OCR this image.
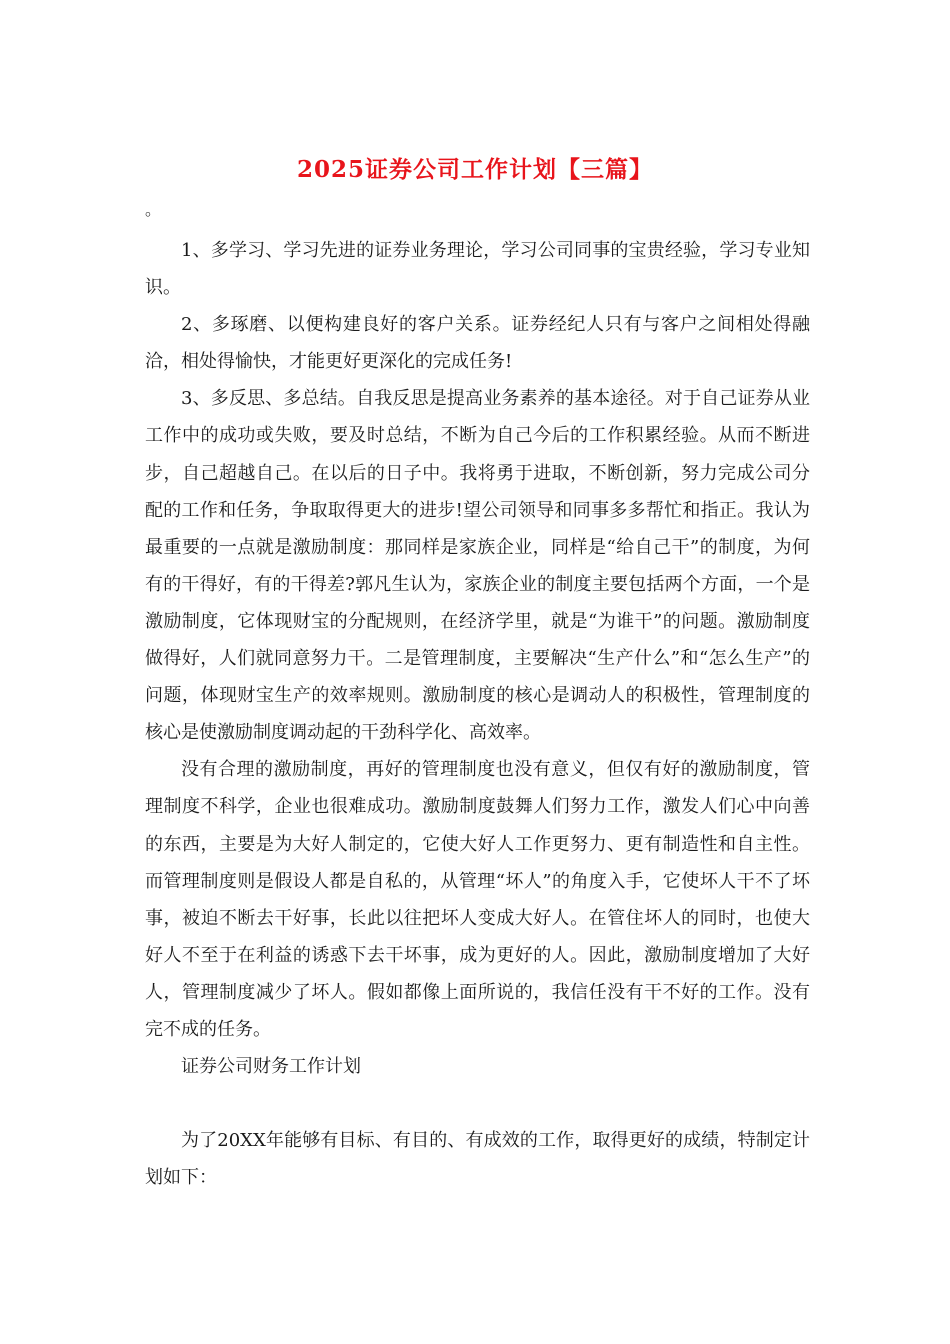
2025证券公司工作计划【三篇】
。

1、多学习、学习先进的证券业务理论，学习公司同事的宝贵经验，学习专业知识。

2、多琢磨、以便构建良好的客户关系。证券经纪人只有与客户之间相处得融洽，相处得愉快，才能更好更深化的完成任务!

3、多反思、多总结。自我反思是提高业务素养的基本途径。对于自己证券从业工作中的成功或失败，要及时总结，不断为自己今后的工作积累经验。从而不断进步，自己超越自己。在以后的日子中。我将勇于进取，不断创新，努力完成公司分配的工作和任务，争取取得更大的进步!望公司领导和同事多多帮忙和指正。我认为最重要的一点就是激励制度：那同样是家族企业，同样是“给自己干”的制度，为何有的干得好，有的干得差?郭凡生认为，家族企业的制度主要包括两个方面，一个是激励制度，它体现财宝的分配规则，在经济学里，就是“为谁干”的问题。激励制度做得好，人们就同意努力干。二是管理制度，主要解决“生产什么”和“怎么生产”的问题，体现财宝生产的效率规则。激励制度的核心是调动人的积极性，管理制度的核心是使激励制度调动起的干劲科学化、高效率。

没有合理的激励制度，再好的管理制度也没有意义，但仅有好的激励制度，管理制度不科学，企业也很难成功。激励制度鼓舞人们努力工作，激发人们心中向善的东西，主要是为大好人制定的，它使大好人工作更努力、更有制造性和自主性。而管理制度则是假设人都是自私的，从管理“坏人”的角度入手，它使坏人干不了坏事，被迫不断去干好事，长此以往把坏人变成大好人。在管住坏人的同时，也使大好人不至于在利益的诱惑下去干坏事，成为更好的人。因此，激励制度增加了大好人，管理制度减少了坏人。假如都像上面所说的，我信任没有干不好的工作。没有完不成的任务。

证券公司财务工作计划

为了20XX年能够有目标、有目的、有成效的工作，取得更好的成绩，特制定计划如下：
